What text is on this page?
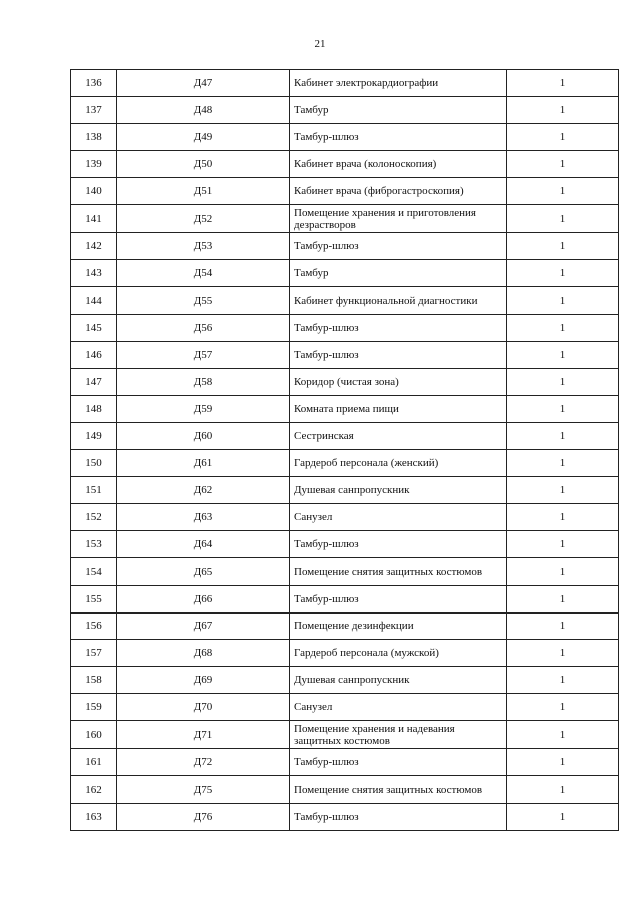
21
136	Д47	Кабинет электрокардиографии	1
137	Д48	Тамбур	1
138	Д49	Тамбур-шлюз	1
139	Д50	Кабинет врача (колоноскопия)	1
140	Д51	Кабинет врача (фиброгастроскопия)	1
141	Д52	Помещение хранения и приготовления дезрастворов	1
142	Д53	Тамбур-шлюз	1
143	Д54	Тамбур	1
144	Д55	Кабинет функциональной диагностики	1
145	Д56	Тамбур-шлюз	1
146	Д57	Тамбур-шлюз	1
147	Д58	Коридор (чистая зона)	1
148	Д59	Комната приема пищи	1
149	Д60	Сестринская	1
150	Д61	Гардероб персонала (женский)	1
151	Д62	Душевая санпропускник	1
152	Д63	Санузел	1
153	Д64	Тамбур-шлюз	1
154	Д65	Помещение снятия защитных костюмов	1
155	Д66	Тамбур-шлюз	1
156	Д67	Помещение дезинфекции	1
157	Д68	Гардероб персонала (мужской)	1
158	Д69	Душевая санпропускник	1
159	Д70	Санузел	1
160	Д71	Помещение хранения и надевания защитных костюмов	1
161	Д72	Тамбур-шлюз	1
162	Д75	Помещение снятия защитных костюмов	1
163	Д76	Тамбур-шлюз	1
